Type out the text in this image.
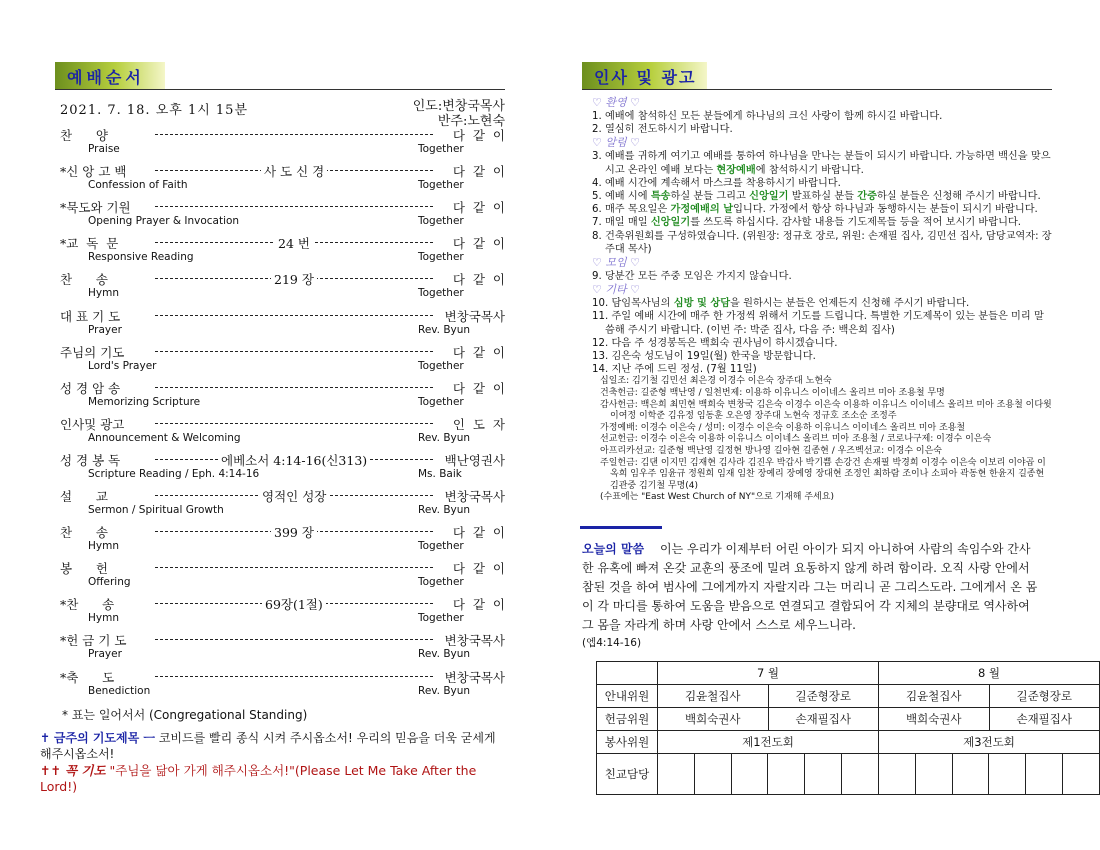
예배순서
2021. 7. 18. 오후 1시 15분	인도:변창국목사
반주:노현숙
찬      양	다  같  이
Praise	Together
*신 앙 고 백	사 도 신 경	다  같  이
Confession of Faith	Together
*묵도와 기원	다  같  이
Opening Prayer & Invocation	Together
*교  독  문	24 번	다  같  이
Responsive Reading	Together
찬      송	219 장	다  같  이
Hymn	Together
대 표 기 도	변창국목사
Prayer	Rev. Byun
주님의 기도	다  같  이
Lord's Prayer	Together
성 경 암 송	다  같  이
Memorizing Scripture	Together
인사및 광고	인  도  자
Announcement & Welcoming	Rev. Byun
성 경 봉 독	에베소서 4:14-16(신313)	백난영권사
Scripture Reading / Eph. 4:14-16	Ms. Baik
설      교	영적인 성장	변창국목사
Sermon / Spiritual Growth	Rev. Byun
찬      송	399 장	다  같  이
Hymn	Together
봉      헌	다  같  이
Offering	Together
*찬      송	69장(1절)	다  같  이
Hymn	Together
*헌 금 기 도	변창국목사
Prayer	Rev. Byun
*축      도	변창국목사
Benediction	Rev. Byun
* 표는 일어서서 (Congregational Standing)
✝ 금주의 기도제목 ㅡ 코비드를 빨리 종식 시켜 주시옵소서! 우리의 믿음을 더욱 굳세게 해주시옵소서!
✝✝ 꼭 기도 "주님을 닮아 가게 해주시옵소서!"(Please Let Me Take After the Lord!)
인사 및 광고
♡ 환영 ♡
1. 예배에 참석하신 모든 분들에게 하나님의 크신 사랑이 함께 하시길 바랍니다.
2. 열심히 전도하시기 바랍니다.
♡ 알림 ♡
3. 예배를 귀하게 여기고 예배를 통하여 하나님을 만나는 분들이 되시기 바랍니다. 가능하면 백신을 맞으시고 온라인 예배 보다는 현장예배에 참석하시기 바랍니다.
4. 예배 시간에 계속해서 마스크를 착용하시기 바랍니다.
5. 예배 시에 특송하실 분들 그리고 신앙일기 발표하실 분들 간증하실 분들은 신청해 주시기 바랍니다.
6. 매주 목요일은 가정예배의 날입니다. 가정에서 항상 하나님과 동행하시는 분들이 되시기 바랍니다.
7. 매일 매일 신앙일기를 쓰도록 하십시다. 감사할 내용들 기도제목들 등을 적어 보시기 바랍니다.
8. 건축위원회를 구성하였습니다. (위원장: 정규호 장로, 위원: 손재필 집사, 김민선 집사, 담당교역자: 장주대 목사)
♡ 모임 ♡
9. 당분간 모든 주중 모임은 가지지 않습니다.
♡ 기타 ♡
10. 담임목사님의 심방 및 상담을 원하시는 분들은 언제든지 신청해 주시기 바랍니다.
11. 주일 예배 시간에 매주 한 가정씩 위해서 기도를 드립니다. 특별한 기도제목이 있는 분들은 미리 말씀해 주시기 바랍니다. (이번 주: 박준 집사, 다음 주: 백은희 집사)
12. 다음 주 성경봉독은 백희숙 권사님이 하시겠습니다.
13. 김은숙 성도님이 19일(월) 한국을 방문합니다.
14. 지난 주에 드린 정성. (7월 11일)
십일조: 김기철 김민선 최은경 이경수 이은숙 장주대 노현숙
건축헌금: 길준형 백난영 / 일천번제: 이용하 이유니스 이이네스 올리브 미아 조용철 무명
감사헌금: 백은희 최민현 백희숙 변창국 김은숙 이경수 이은숙 이용하 이유니스 이이네스 올리브 미아 조용철 이다윗 이여정 이학준 김유정 임동훈 오은영 장주대 노현숙 정규호 조소순 조정주
가정예배: 이경수 이은숙 / 성미: 이경수 이은숙 이용하 이유니스 이이네스 올리브 미아 조용철
선교헌금: 이경수 이은숙 이용하 이유니스 이이네스 올리브 미아 조용철 / 코로나구제: 이경수 이은숙
아프리카선교: 길준형 백난영 길정현 방나영 길아현 길종현 / 우즈벡선교: 이경수 이은숙
주일헌금: 김댄 이지민 김재현 김사라 김진우 박갑사 박기쁨 손강건 손재필 박경희 이경수 이은숙 이보리 이야곱 이옥희 임우주 임윤규 정원희 임재 임찬 장예리 장예영 장대현 조정인 최하람 조이나 소피아 곽동현 한윤지 길종현 김관중 김기철 무명(4)
(수표에는 "East West Church of NY"으로 기재해 주세요)
오늘의 말씀 이는 우리가 이제부터 어린 아이가 되지 아니하여 사람의 속임수와 간사한 유혹에 빠져 온갖 교훈의 풍조에 밀려 요동하지 않게 하려 함이라. 오직 사랑 안에서 참된 것을 하여 범사에 그에게까지 자랄지라 그는 머리니 곧 그리스도라. 그에게서 온 몸이 각 마디를 통하여 도움을 받음으로 연결되고 결합되어 각 지체의 분량대로 역사하여 그 몸을 자라게 하며 사랑 안에서 스스로 세우느니라.
(엡4:14-16)
	7 월		8 월	
안내위원	김윤철집사	길준형장로	김윤철집사	길준형장로
헌금위원	백희숙권사	손재필집사	백희숙권사	손재필집사
봉사위원	제1전도회		제3전도회	
친교담당			
